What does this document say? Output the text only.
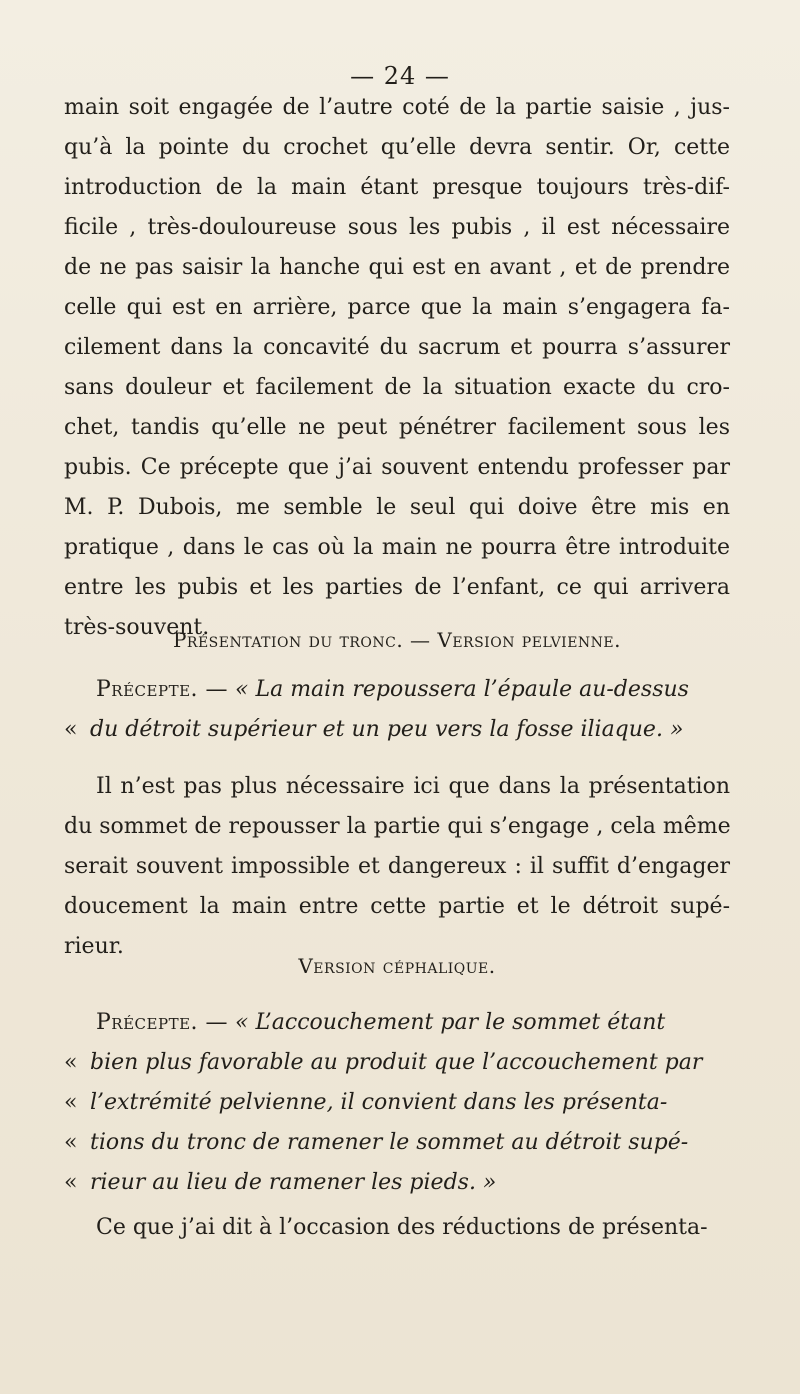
— 24 —
main soit engagée de l’autre coté de la partie saisie , jus-
qu’à la pointe du crochet qu’elle devra sentir. Or, cette
introduction de la main étant presque toujours très-dif-
ficile , très-douloureuse sous les pubis , il est nécessaire
de ne pas saisir la hanche qui est en avant , et de prendre
celle qui est en arrière, parce que la main s’engagera fa-
cilement dans la concavité du sacrum et pourra s’assurer
sans douleur et facilement de la situation exacte du cro-
chet, tandis qu’elle ne peut pénétrer facilement sous les
pubis. Ce précepte que j’ai souvent entendu professer par
M. P. Dubois, me semble le seul qui doive être mis en
pratique , dans le cas où la main ne pourra être introduite
entre les pubis et les parties de l’enfant, ce qui arrivera
très-souvent.
Présentation du tronc. — Version pelvienne.
Précepte. — « La main repoussera l’épaule au-dessus
« du détroit supérieur et un peu vers la fosse iliaque. »
Il n’est pas plus nécessaire ici que dans la présentation
du sommet de repousser la partie qui s’engage , cela même
serait souvent impossible et dangereux : il suffit d’engager
doucement la main entre cette partie et le détroit supé-
rieur.
Version céphalique.
Précepte. — « L’accouchement par le sommet étant
« bien plus favorable au produit que l’accouchement par
« l’extrémité pelvienne, il convient dans les présenta-
« tions du tronc de ramener le sommet au détroit supé-
« rieur au lieu de ramener les pieds. »
Ce que j’ai dit à l’occasion des réductions de présenta-
